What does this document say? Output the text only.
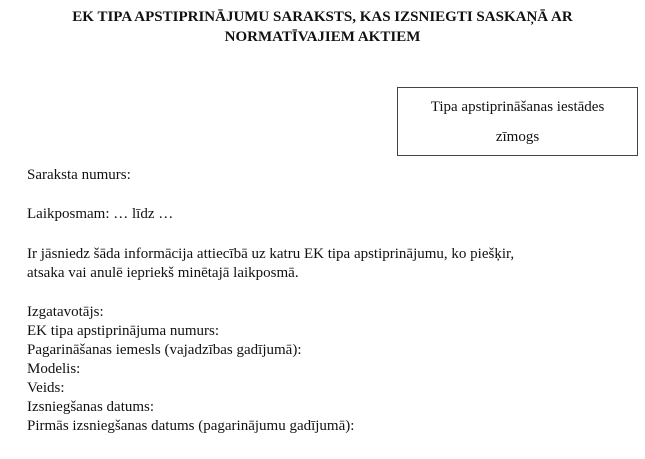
EK TIPA APSTIPRINĀJUMU SARAKSTS, KAS IZSNIEGTI SASKAŅĀ AR
NORMATĪVAJIEM AKTIEM
Tipa apstiprināšanas iestādes
zīmogs
Saraksta numurs:
Laikposmam: … līdz …
Ir jāsniedz šāda informācija attiecībā uz katru EK tipa apstiprinājumu, ko piešķir,
atsaka vai anulē iepriekš minētajā laikposmā.
Izgatavotājs:
EK tipa apstiprinājuma numurs:
Pagarināšanas iemesls (vajadzības gadījumā):
Modelis:
Veids:
Izsniegšanas datums:
Pirmās izsniegšanas datums (pagarinājumu gadījumā):
